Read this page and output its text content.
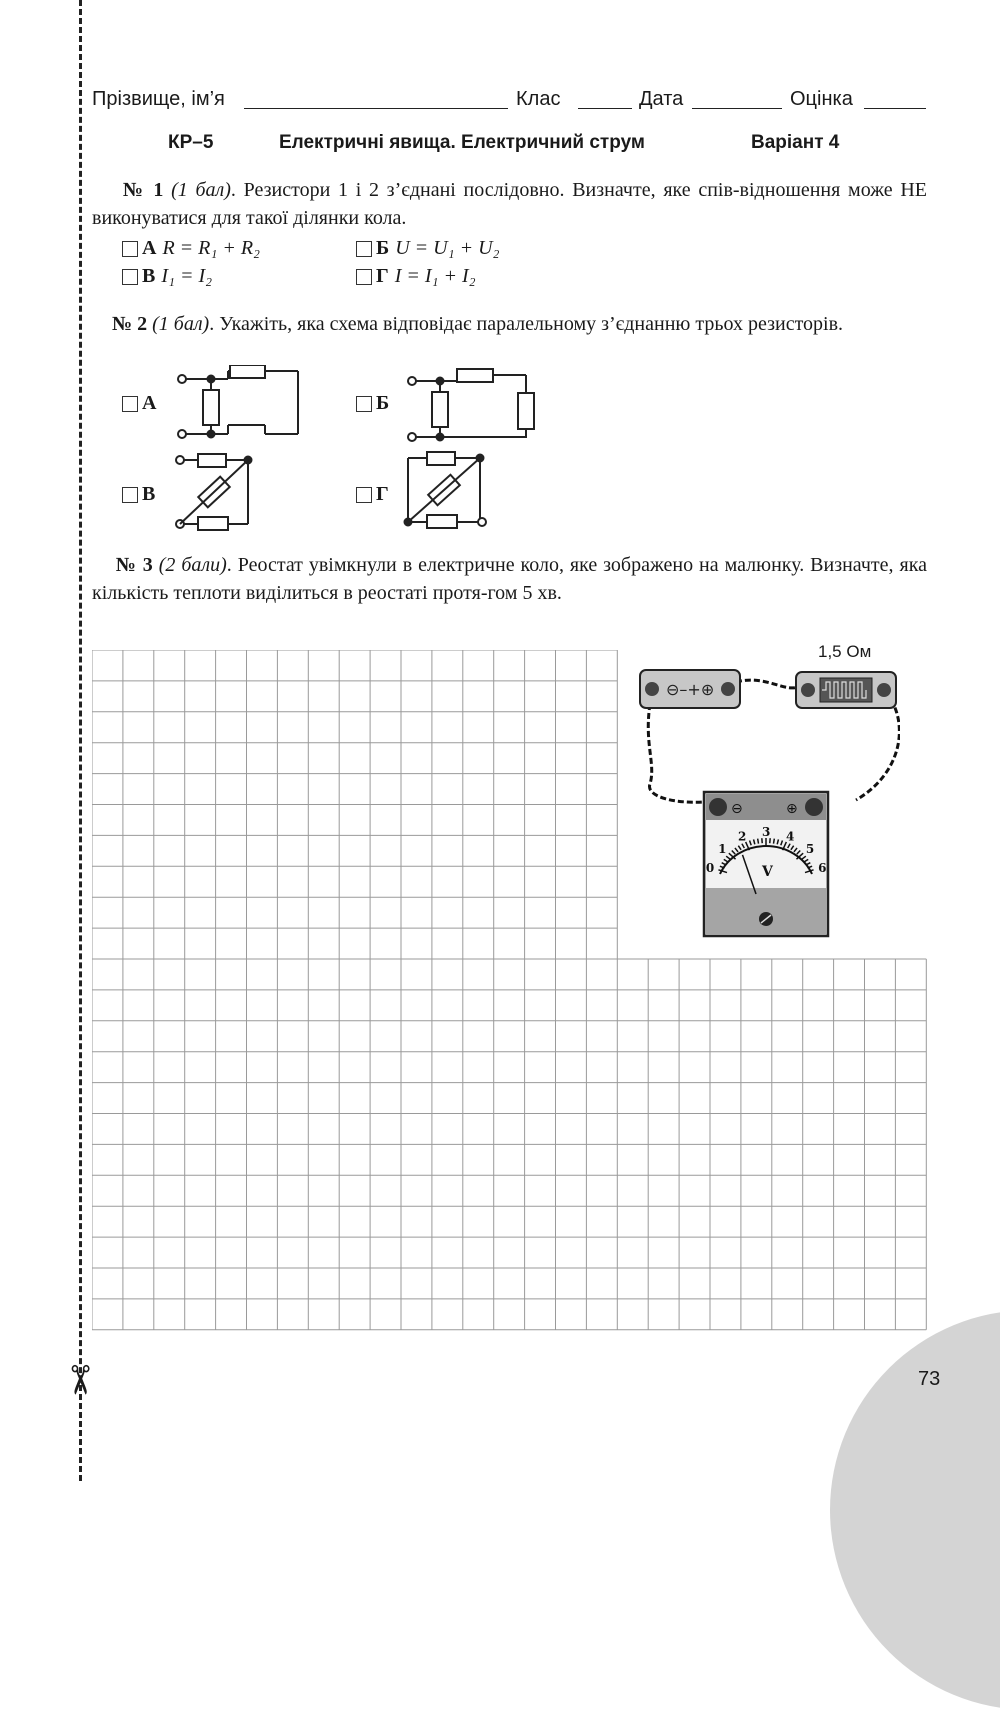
✂
Прізвище, ім’я	Клас	Дата	Оцінка
КР–5	Електричні явища. Електричний струм	Варіант 4
№ 1 (1 бал). Резистори 1 і 2 з’єднані послідовно. Визначте, яке спів-відношення може НЕ виконуватися для такої ділянки кола.
А R = R₁ + R₂	Б U = U₁ + U₂
В I₁ = I₂	Г I = I₁ + I₂
№ 2 (1 бал). Укажіть, яка схема відповідає паралельному з’єднанню трьох резисторів.
А	Б
В	Г
№ 3 (2 бали). Реостат увімкнули в електричне коло, яке зображено на малюнку. Визначте, яка кількість теплоти виділиться в реостаті протя-гом 5 хв.
1,5 Ом
⊖–+⊕
⊖	⊕
0
1
2 3 4
5
6
V
73
